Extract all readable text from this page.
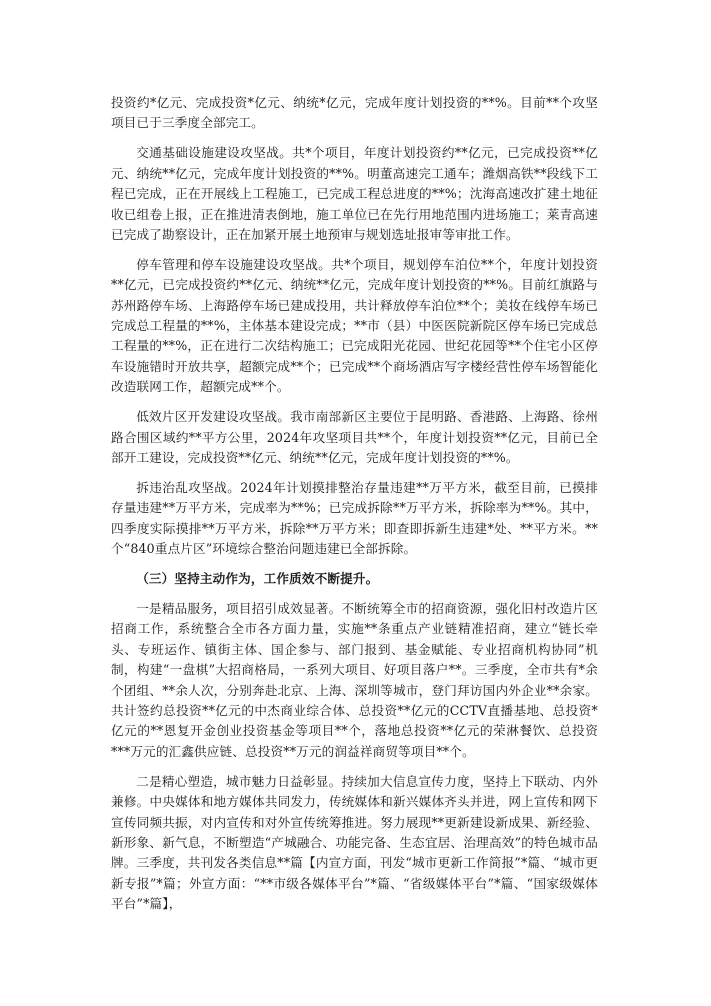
投资约*亿元、完成投资*亿元、纳统*亿元，完成年度计划投资的**%。目前**个攻坚项目已于三季度全部完工。

交通基础设施建设攻坚战。共*个项目，年度计划投资约**亿元，已完成投资**亿元、纳统**亿元，完成年度计划投资的**%。明董高速完工通车；潍烟高铁**段线下工程已完成，正在开展线上工程施工，已完成工程总进度的**%；沈海高速改扩建土地征收已组卷上报，正在推进清表倒地，施工单位已在先行用地范围内进场施工；莱青高速已完成了勘察设计，正在加紧开展土地预审与规划选址报审等审批工作。

停车管理和停车设施建设攻坚战。共*个项目，规划停车泊位**个，年度计划投资**亿元，已完成投资约**亿元、纳统**亿元，完成年度计划投资的**%。目前红旗路与苏州路停车场、上海路停车场已建成投用，共计释放停车泊位**个；美妆在线停车场已完成总工程量的**%，主体基本建设完成；**市（县）中医医院新院区停车场已完成总工程量的**%，正在进行二次结构施工；已完成阳光花园、世纪花园等**个住宅小区停车设施错时开放共享，超额完成**个；已完成**个商场酒店写字楼经营性停车场智能化改造联网工作，超额完成**个。

低效片区开发建设攻坚战。我市南部新区主要位于昆明路、香港路、上海路、徐州路合围区域约**平方公里，2024年攻坚项目共**个，年度计划投资**亿元，目前已全部开工建设，完成投资**亿元、纳统**亿元，完成年度计划投资的**%。

拆违治乱攻坚战。2024年计划摸排整治存量违建**万平方米，截至目前，已摸排存量违建**万平方米，完成率为**%；已完成拆除**万平方米，拆除率为**%。其中，四季度实际摸排**万平方米，拆除**万平方米；即查即拆新生违建*处、**平方米。**个“840重点片区”环境综合整治问题违建已全部拆除。

（三）坚持主动作为，工作质效不断提升。

一是精品服务，项目招引成效显著。不断统筹全市的招商资源，强化旧村改造片区招商工作，系统整合全市各方面力量，实施**条重点产业链精准招商，建立“链长牵头、专班运作、镇街主体、国企参与、部门报到、基金赋能、专业招商机构协同”机制，构建“一盘棋”大招商格局，一系列大项目、好项目落户**。三季度，全市共有*余个团组、**余人次，分别奔赴北京、上海、深圳等城市，登门拜访国内外企业**余家。共计签约总投资**亿元的中杰商业综合体、总投资**亿元的CCTV直播基地、总投资*亿元的**恩复开金创业投资基金等项目**个，落地总投资**亿元的荣淋餐饮、总投资***万元的汇鑫供应链、总投资**万元的润益祥商贸等项目**个。

二是精心塑造，城市魅力日益彰显。持续加大信息宣传力度，坚持上下联动、内外兼修。中央媒体和地方媒体共同发力，传统媒体和新兴媒体齐头并进，网上宣传和网下宣传同频共振，对内宣传和对外宣传统筹推进。努力展现**更新建设新成果、新经验、新形象、新气息，不断塑造“产城融合、功能完备、生态宜居、治理高效”的特色城市品牌。三季度，共刊发各类信息**篇【内宣方面，刊发“城市更新工作简报”*篇、“城市更新专报”*篇；外宣方面：“**市级各媒体平台”*篇、“省级媒体平台”*篇、“国家级媒体平台”*篇】，
